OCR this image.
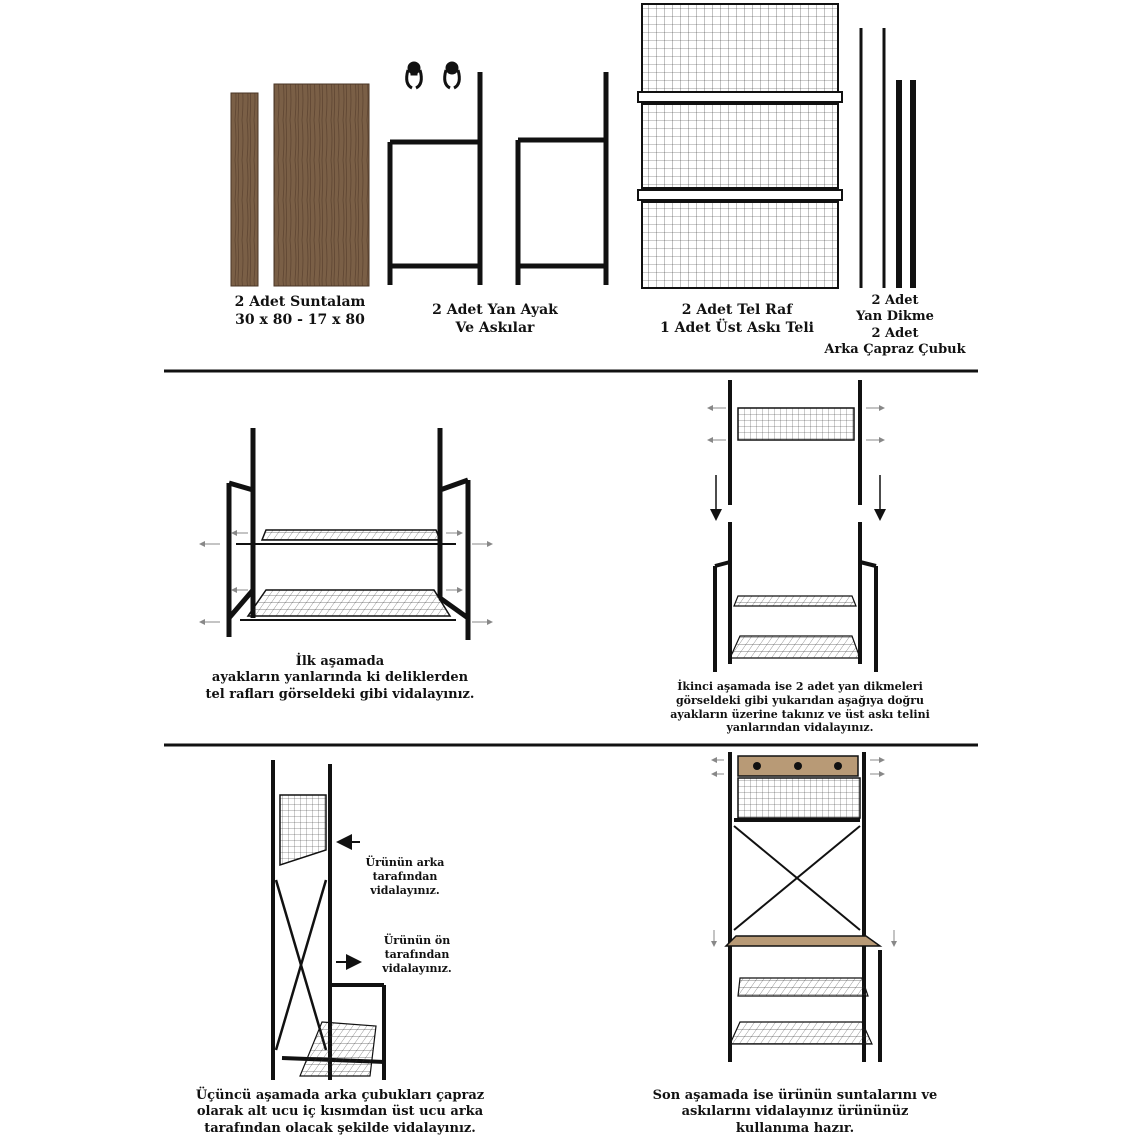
2 Adet Suntalam
30 x 80 - 17 x 80
2 Adet Yan Ayak
Ve Askılar
2 Adet Tel Raf
1 Adet Üst Askı Teli
2 Adet
Yan Dikme
2 Adet
Arka Çapraz Çubuk
İlk aşamada
ayakların yanlarında ki deliklerden
tel rafları görseldeki gibi vidalayınız.	İkinci aşamada ise 2 adet yan dikmeleri
görseldeki gibi yukarıdan aşağıya doğru
ayakların üzerine takınız ve üst askı telini
yanlarından vidalayınız.
Ürünün arka
tarafından
vidalayınız.
Ürünün ön
tarafından
vidalayınız.
Üçüncü aşamada arka çubukları çapraz
olarak alt ucu iç kısımdan üst ucu arka
tarafından olacak şekilde vidalayınız.
Son aşamada ise ürünün suntalarını ve
askılarını vidalayınız ürününüz
kullanıma hazır.
